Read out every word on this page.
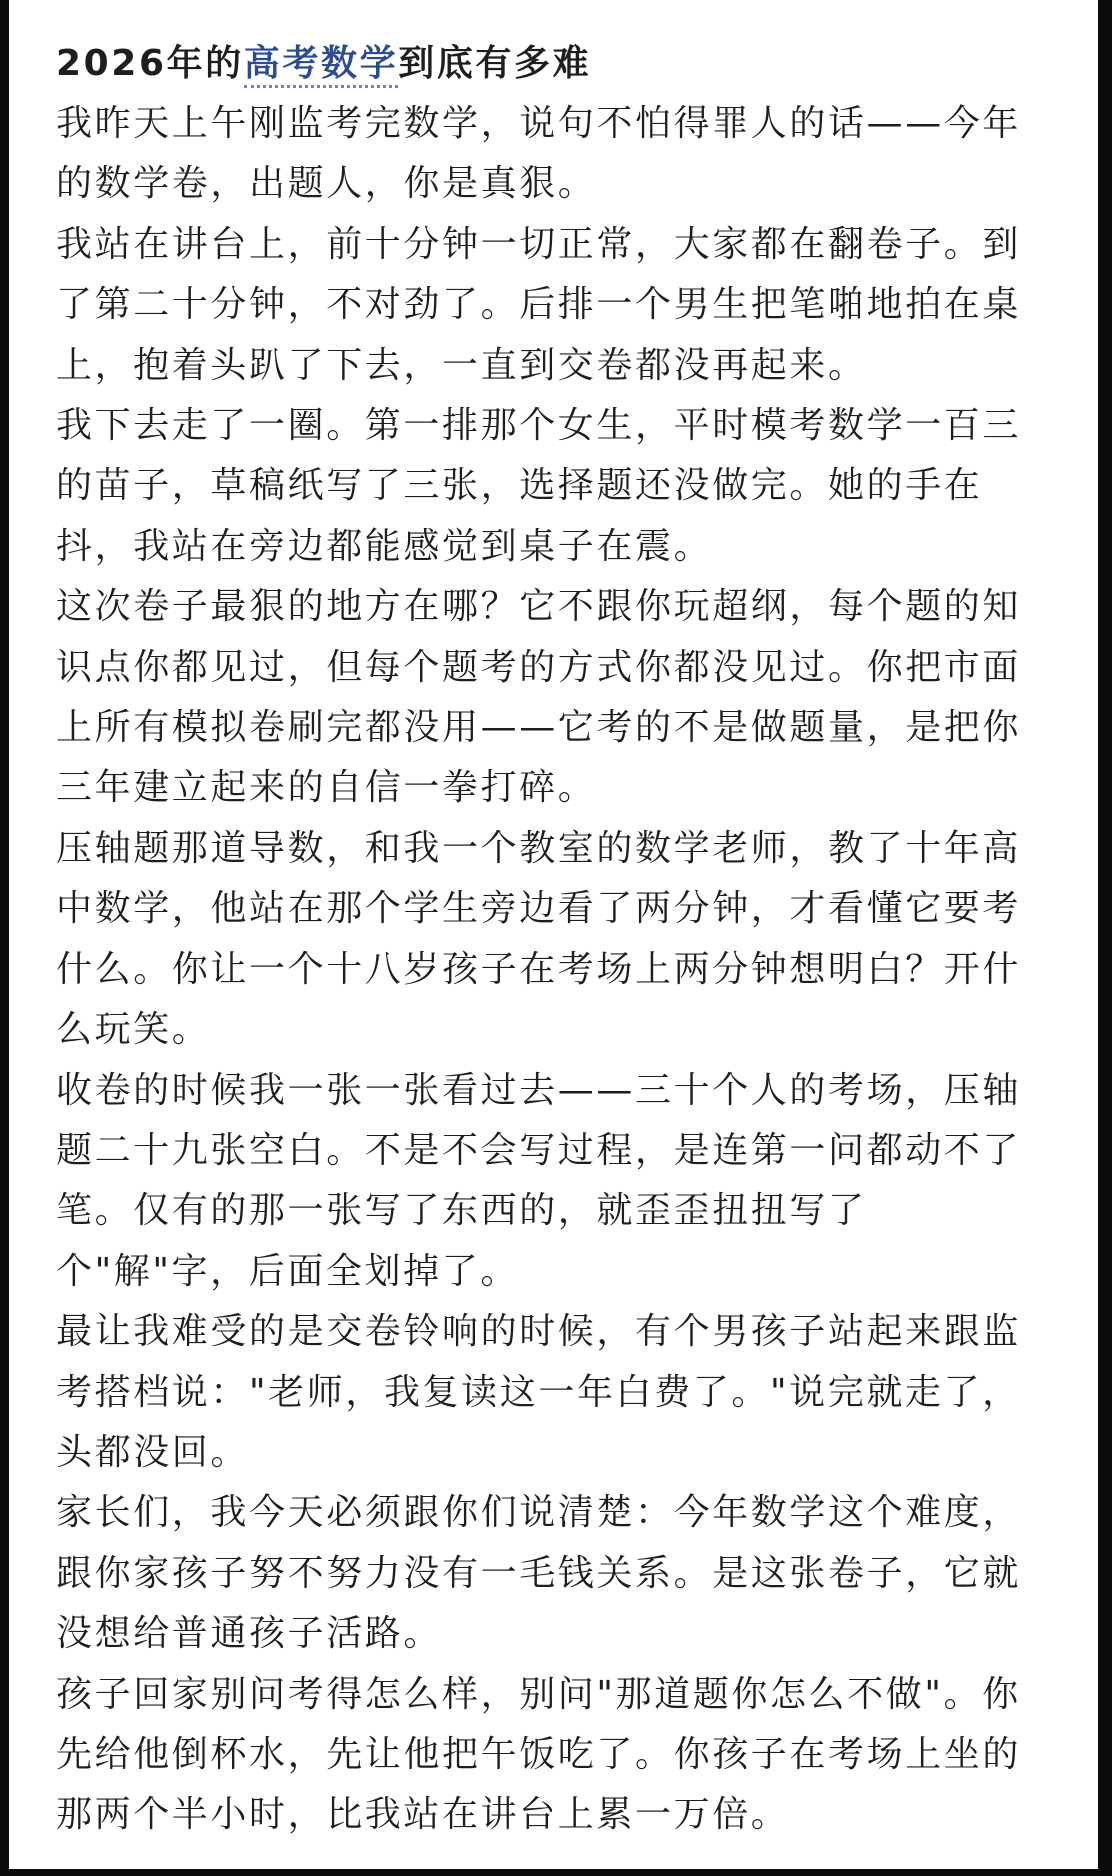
2026年的高考数学到底有多难

我昨天上午刚监考完数学，说句不怕得罪人的话——今年
的数学卷，出题人，你是真狠。

我站在讲台上，前十分钟一切正常，大家都在翻卷子。到
了第二十分钟，不对劲了。后排一个男生把笔啪地拍在桌
上，抱着头趴了下去，一直到交卷都没再起来。

我下去走了一圈。第一排那个女生，平时模考数学一百三
的苗子，草稿纸写了三张，选择题还没做完。她的手在
抖，我站在旁边都能感觉到桌子在震。

这次卷子最狠的地方在哪？它不跟你玩超纲，每个题的知
识点你都见过，但每个题考的方式你都没见过。你把市面
上所有模拟卷刷完都没用——它考的不是做题量，是把你
三年建立起来的自信一拳打碎。

压轴题那道导数，和我一个教室的数学老师，教了十年高
中数学，他站在那个学生旁边看了两分钟，才看懂它要考
什么。你让一个十八岁孩子在考场上两分钟想明白？开什
么玩笑。

收卷的时候我一张一张看过去——三十个人的考场，压轴
题二十九张空白。不是不会写过程，是连第一问都动不了
笔。仅有的那一张写了东西的，就歪歪扭扭写了
个"解"字，后面全划掉了。

最让我难受的是交卷铃响的时候，有个男孩子站起来跟监
考搭档说："老师，我复读这一年白费了。"说完就走了，
头都没回。

家长们，我今天必须跟你们说清楚：今年数学这个难度，
跟你家孩子努不努力没有一毛钱关系。是这张卷子，它就
没想给普通孩子活路。

孩子回家别问考得怎么样，别问"那道题你怎么不做"。你
先给他倒杯水，先让他把午饭吃了。你孩子在考场上坐的
那两个半小时，比我站在讲台上累一万倍。
